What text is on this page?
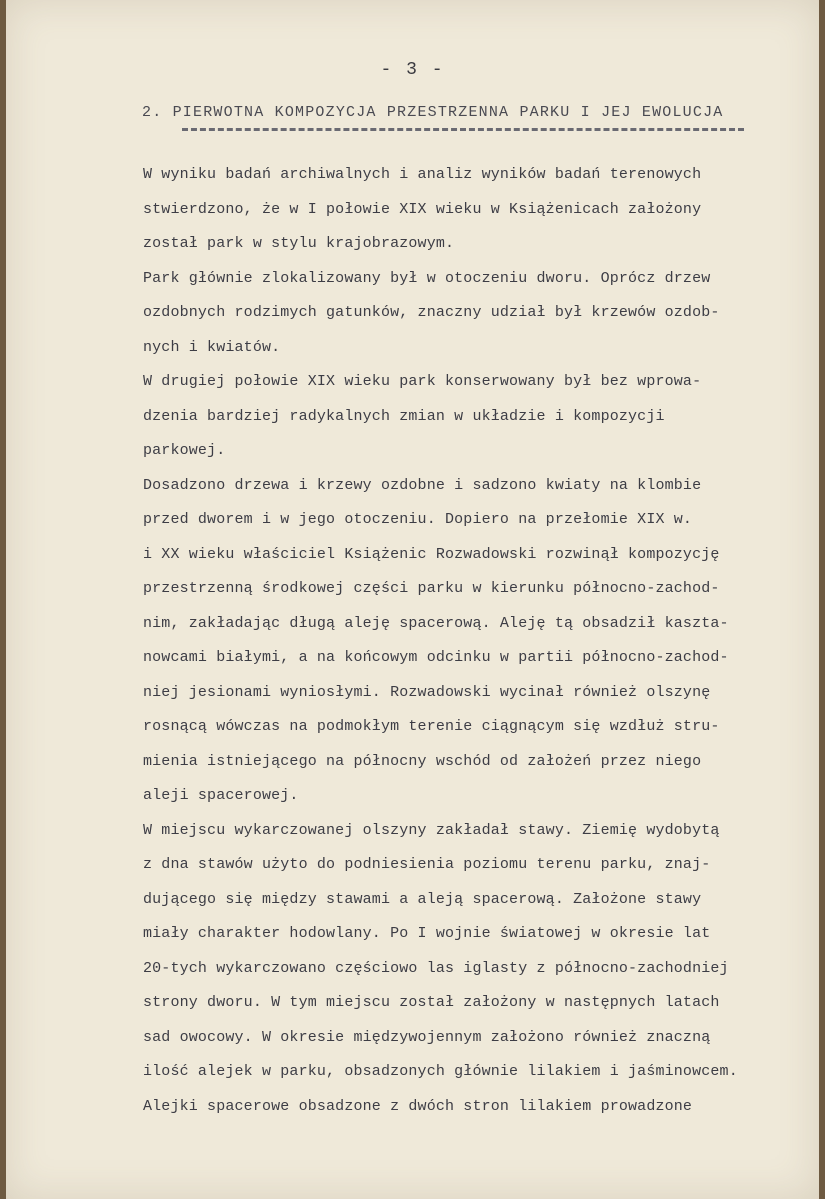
- 3 -
2. PIERWOTNA KOMPOZYCJA PRZESTRZENNA PARKU I JEJ EWOLUCJA
W wyniku badań archiwalnych i analiz wyników badań terenowych
stwierdzono, że w I połowie XIX wieku w Książenicach założony
został park w stylu krajobrazowym.
Park głównie zlokalizowany był w otoczeniu dworu. Oprócz drzew
ozdobnych rodzimych gatunków, znaczny udział był krzewów ozdob-
nych i kwiatów.
W drugiej połowie XIX wieku park konserwowany był bez wprowa-
dzenia bardziej radykalnych zmian w układzie i kompozycji
parkowej.
Dosadzono drzewa i krzewy ozdobne i sadzono kwiaty na klombie
przed dworem i w jego otoczeniu. Dopiero na przełomie XIX w.
i XX wieku właściciel Książenic Rozwadowski rozwinął kompozycję
przestrzenną środkowej części parku w kierunku północno-zachod-
nim, zakładając długą aleję spacerową. Aleję tą obsadził kaszta-
nowcami białymi, a na końcowym odcinku w partii północno-zachod-
niej jesionami wyniosłymi. Rozwadowski wycinał również olszynę
rosnącą wówczas na podmokłym terenie ciągnącym się wzdłuż stru-
mienia istniejącego na północny wschód od założeń przez niego
aleji spacerowej.
W miejscu wykarczowanej olszyny zakładał stawy. Ziemię wydobytą
z dna stawów użyto do podniesienia poziomu terenu parku, znaj-
dującego się między stawami a aleją spacerową. Założone stawy
miały charakter hodowlany. Po I wojnie światowej w okresie lat
20-tych wykarczowano częściowo las iglasty z północno-zachodniej
strony dworu. W tym miejscu został założony w następnych latach
sad owocowy. W okresie międzywojennym założono również znaczną
ilość alejek w parku, obsadzonych głównie lilakiem i jaśminowcem.
Alejki spacerowe obsadzone z dwóch stron lilakiem prowadzone
